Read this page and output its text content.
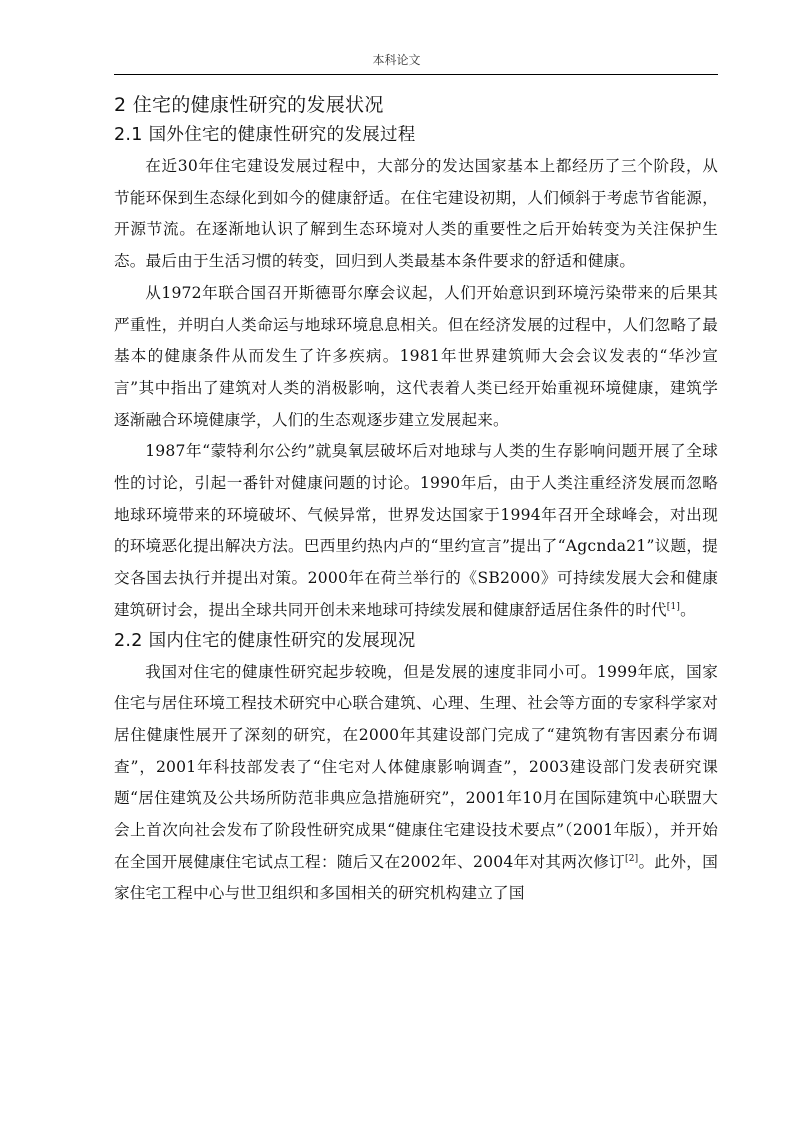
本科论文
2 住宅的健康性研究的发展状况
2.1 国外住宅的健康性研究的发展过程

在近30年住宅建设发展过程中，大部分的发达国家基本上都经历了三个阶段，从节能环保到生态绿化到如今的健康舒适。在住宅建设初期，人们倾斜于考虑节省能源，开源节流。在逐渐地认识了解到生态环境对人类的重要性之后开始转变为关注保护生态。最后由于生活习惯的转变，回归到人类最基本条件要求的舒适和健康。

从1972年联合国召开斯德哥尔摩会议起，人们开始意识到环境污染带来的后果其严重性，并明白人类命运与地球环境息息相关。但在经济发展的过程中，人们忽略了最基本的健康条件从而发生了许多疾病。1981年世界建筑师大会会议发表的“华沙宣言”其中指出了建筑对人类的消极影响，这代表着人类已经开始重视环境健康，建筑学逐渐融合环境健康学，人们的生态观逐步建立发展起来。

1987年“蒙特利尔公约”就臭氧层破坏后对地球与人类的生存影响问题开展了全球性的讨论，引起一番针对健康问题的讨论。1990年后，由于人类注重经济发展而忽略地球环境带来的环境破坏、气候异常，世界发达国家于1994年召开全球峰会，对出现的环境恶化提出解决方法。巴西里约热内卢的“里约宣言”提出了“Agcnda21”议题，提交各国去执行并提出对策。2000年在荷兰举行的《SB2000》可持续发展大会和健康建筑研讨会，提出全球共同开创未来地球可持续发展和健康舒适居住条件的时代[1]。

2.2 国内住宅的健康性研究的发展现况

我国对住宅的健康性研究起步较晚，但是发展的速度非同小可。1999年底，国家住宅与居住环境工程技术研究中心联合建筑、心理、生理、社会等方面的专家科学家对居住健康性展开了深刻的研究，在2000年其建设部门完成了“建筑物有害因素分布调查”，2001年科技部发表了“住宅对人体健康影响调查”，2003建设部门发表研究课题“居住建筑及公共场所防范非典应急措施研究”，2001年10月在国际建筑中心联盟大会上首次向社会发布了阶段性研究成果“健康住宅建设技术要点”（2001年版），并开始在全国开展健康住宅试点工程：随后又在2002年、2004年对其两次修订[2]。此外，国家住宅工程中心与世卫组织和多国相关的研究机构建立了国
